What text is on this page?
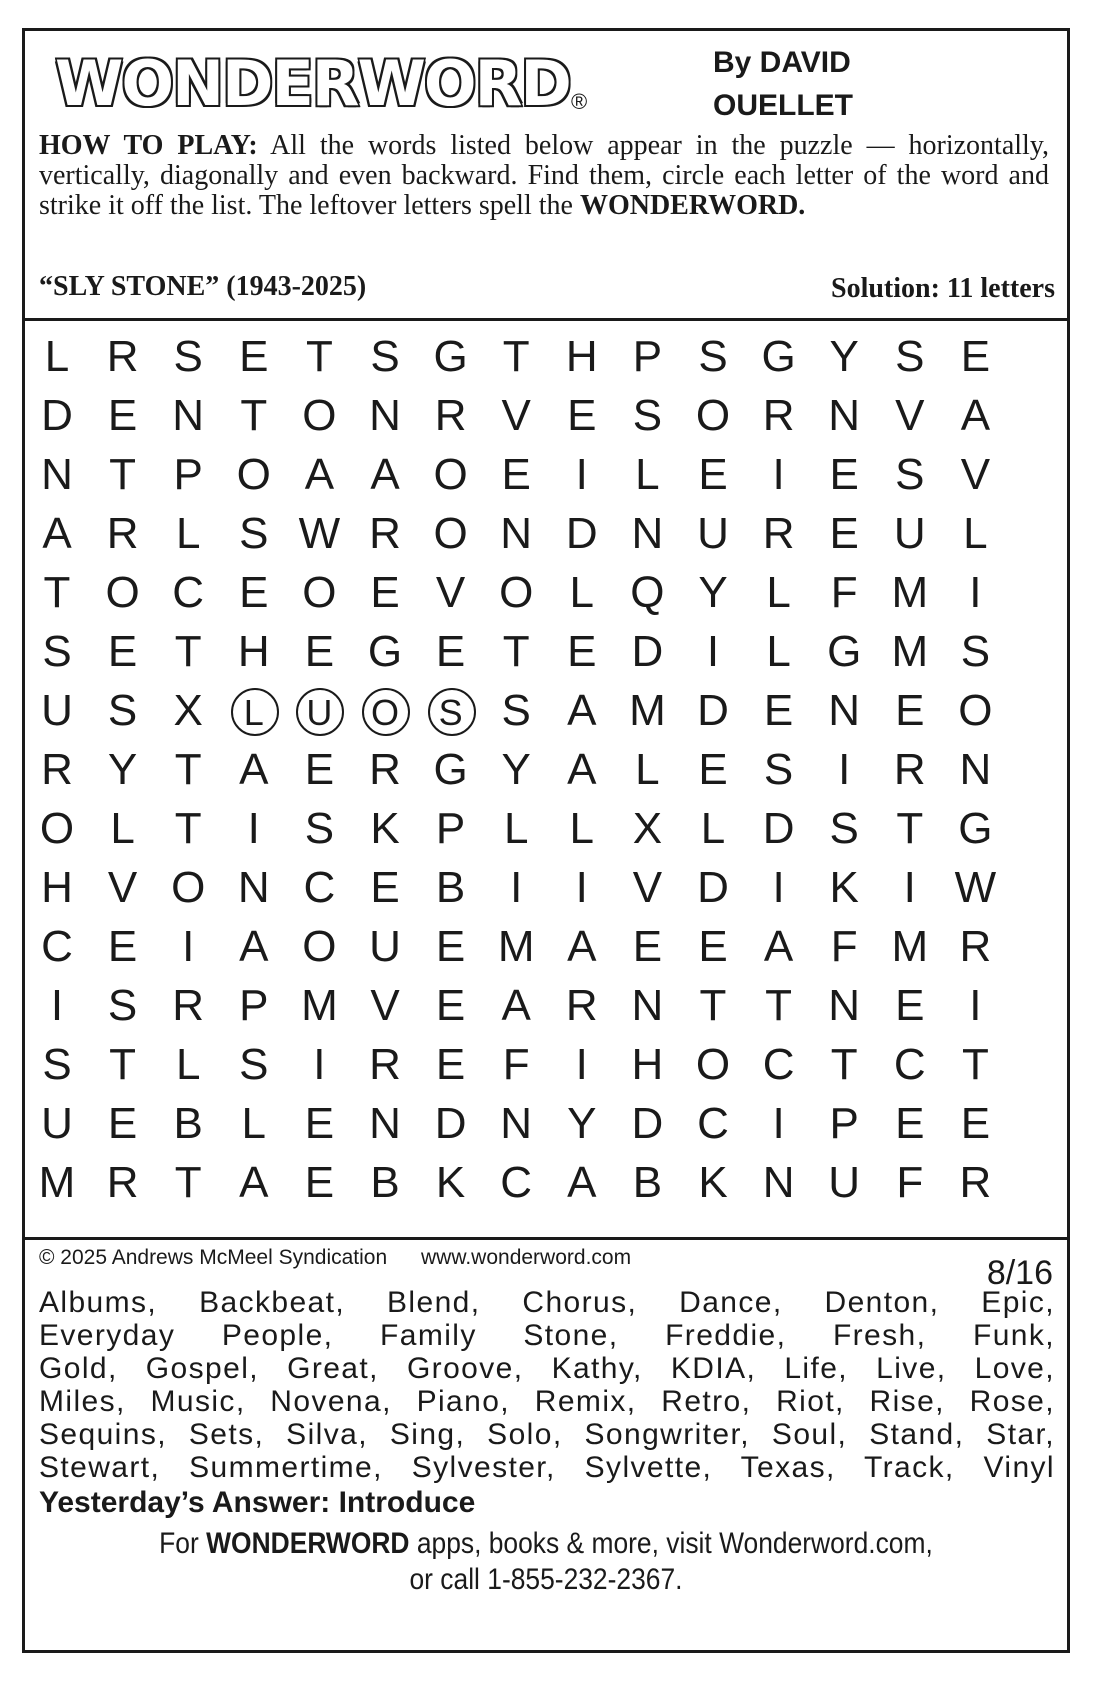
WONDERWORD ®
By DAVID
OUELLET
HOW TO PLAY: All the words listed below appear in the puzzle — horizontally, vertically, diagonally and even backward. Find them, circle each letter of the word and strike it off the list. The leftover letters spell the WONDERWORD.
“SLY STONE” (1943-2025)	Solution: 11 letters
L R S E T S G T H P S G Y S E
D E N T O N R V E S O R N V A
N T P O A A O E	I	L E	I	E S V
A R L S W R O N D N U R E U L
T O C E O E V O L Q Y L F M I
S E T H E G E T E D I	L G M S
U S X	L	U	O	S S A M D E N E O
R Y T A E R G Y A L E S	I R N
O L T	I	S K P L L X L D S T G
H V O N C E B	I	I	V D I	K	I W
C E	I	A O U E M A E E A F M R
I	S R P M V E A R N T T N E	I
S T L S	I R E F	I H O C T C T
U E B L E N D N Y D C I	P E E
M R T A E B K C A B K N U F R
© 2025 Andrews McMeel Syndication www.wonderword.com	8/16
Albums, Backbeat, Blend, Chorus, Dance, Denton, Epic,
Everyday People, Family Stone, Freddie, Fresh, Funk,
Gold, Gospel, Great, Groove, Kathy, KDIA, Life, Live, Love,
Miles, Music, Novena, Piano, Remix, Retro, Riot, Rise, Rose,
Sequins, Sets, Silva, Sing, Solo, Songwriter, Soul, Stand, Star,
Stewart, Summertime, Sylvester, Sylvette, Texas, Track, Vinyl
Yesterday’s Answer: Introduce
For WONDERWORD apps, books & more, visit Wonderword.com,
or call 1-855-232-2367.
